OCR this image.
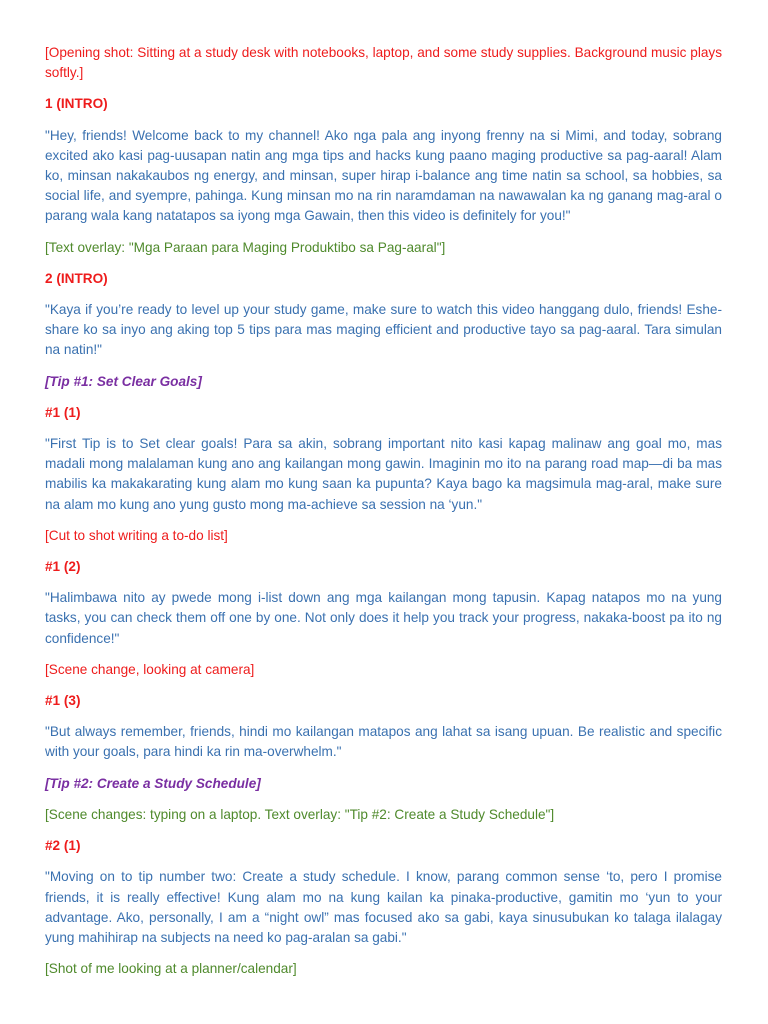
[Opening shot: Sitting at a study desk with notebooks, laptop, and some study supplies. Background music plays softly.]

1 (INTRO)

"Hey, friends! Welcome back to my channel! Ako nga pala ang inyong frenny na si Mimi, and today, sobrang excited ako kasi pag-uusapan natin ang mga tips and hacks kung paano maging productive sa pag-aaral! Alam ko, minsan nakakaubos ng energy, and minsan, super hirap i-balance ang time natin sa school, sa hobbies, sa social life, and syempre, pahinga. Kung minsan mo na rin naramdaman na nawawalan ka ng ganang mag-aral o parang wala kang natatapos sa iyong mga Gawain, then this video is definitely for you!"

[Text overlay: "Mga Paraan para Maging Produktibo sa Pag-aaral"]

2 (INTRO)

"Kaya if you’re ready to level up your study game, make sure to watch this video hanggang dulo, friends! Eshe-share ko sa inyo ang aking top 5 tips para mas maging efficient and productive tayo sa pag-aaral. Tara simulan na natin!"

[Tip #1: Set Clear Goals]

#1 (1)

"First Tip is to Set clear goals! Para sa akin, sobrang important nito kasi kapag malinaw ang goal mo, mas madali mong malalaman kung ano ang kailangan mong gawin. Imaginin mo ito na parang road map—di ba mas mabilis ka makakarating kung alam mo kung saan ka pupunta? Kaya bago ka magsimula mag-aral, make sure na alam mo kung ano yung gusto mong ma-achieve sa session na ‘yun."

[Cut to shot writing a to-do list]

#1 (2)

"Halimbawa nito ay pwede mong i-list down ang mga kailangan mong tapusin. Kapag natapos mo na yung tasks, you can check them off one by one. Not only does it help you track your progress, nakaka-boost pa ito ng confidence!"

[Scene change, looking at camera]

#1 (3)

"But always remember, friends, hindi mo kailangan matapos ang lahat sa isang upuan. Be realistic and specific with your goals, para hindi ka rin ma-overwhelm."

[Tip #2: Create a Study Schedule]

[Scene changes: typing on a laptop. Text overlay: "Tip #2: Create a Study Schedule"]

#2 (1)

"Moving on to tip number two: Create a study schedule. I know, parang common sense ‘to, pero I promise friends, it is really effective! Kung alam mo na kung kailan ka pinaka-productive, gamitin mo ‘yun to your advantage. Ako, personally, I am a “night owl” mas focused ako sa gabi, kaya sinusubukan ko talaga ilalagay yung mahihirap na subjects na need ko pag-aralan sa gabi."

[Shot of me looking at a planner/calendar]
